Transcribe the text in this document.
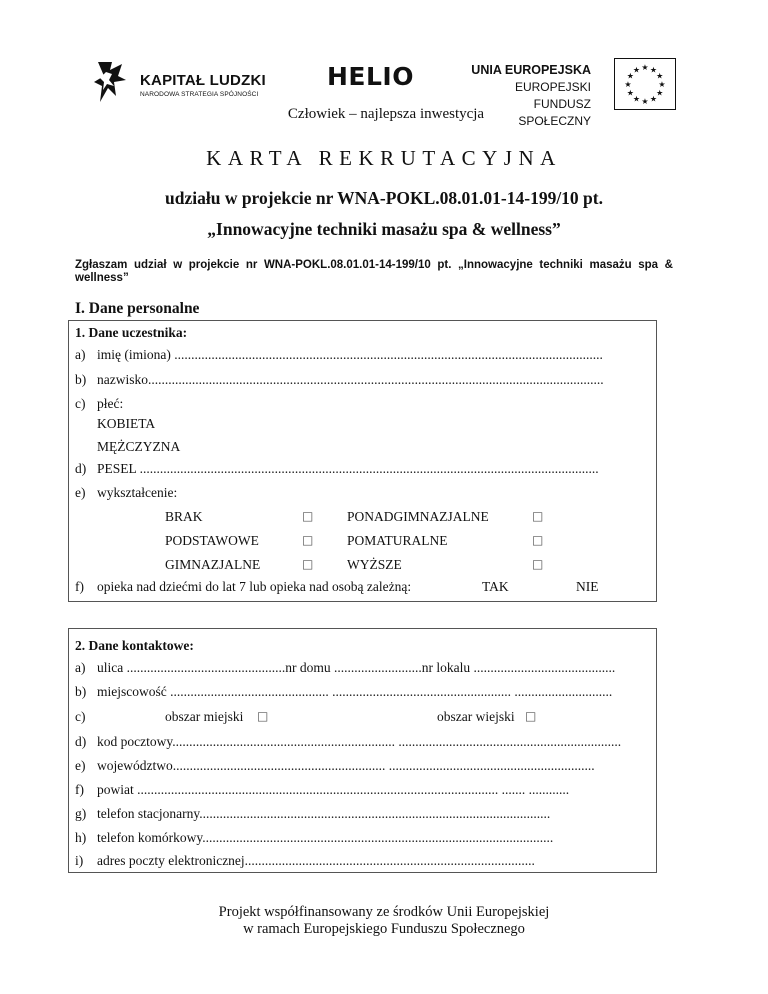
KAPITAŁ LUDZKI
NARODOWA STRATEGIA SPÓJNOŚCI
HELIO	UNIA EUROPEJSKA
EUROPEJSKI
FUNDUSZ SPOŁECZNY
★ ★
★
★
★
★
★
★
★
★
★
★
Człowiek – najlepsza inwestycja
KARTA REKRUTACYJNA
udziału w projekcie nr WNA-POKL.08.01.01-14-199/10 pt.
„Innowacyjne techniki masażu spa & wellness”
Zgłaszam udział w projekcie nr WNA-POKL.08.01.01-14-199/10 pt. „Innowacyjne techniki masażu spa & wellness”
I. Dane personalne
1. Dane uczestnika:
a) imię (imiona) ...............................................................................................................................
b) nazwisko.......................................................................................................................................
c) płeć:
KOBIETA
MĘŻCZYZNA
d) PESEL ........................................................................................................................................
e) wykształcenie:
BRAK	□ PONADGIMNAZJALNE	□
PODSTAWOWE	□ POMATURALNE	□
GIMNAZJALNE	□ WYŻSZE	□
f) opieka nad dziećmi do lat 7 lub opieka nad osobą zależną:	TAK	NIE
2. Dane kontaktowe:
a) ulica ...............................................nr domu ..........................nr lokalu ..........................................
b) miejscowość ............................................... ..................................................... .............................
c)	obszar miejski □	obszar wiejski □
d) kod pocztowy.................................................................. ..................................................................
e) województwo............................................................... .............................................................
f) powiat ........................................................................................................... ....... ............
g) telefon stacjonarny........................................................................................................
h) telefon komórkowy........................................................................................................
i) adres poczty elektronicznej......................................................................................
Projekt współfinansowany ze środków Unii Europejskiej
w ramach Europejskiego Funduszu Społecznego
